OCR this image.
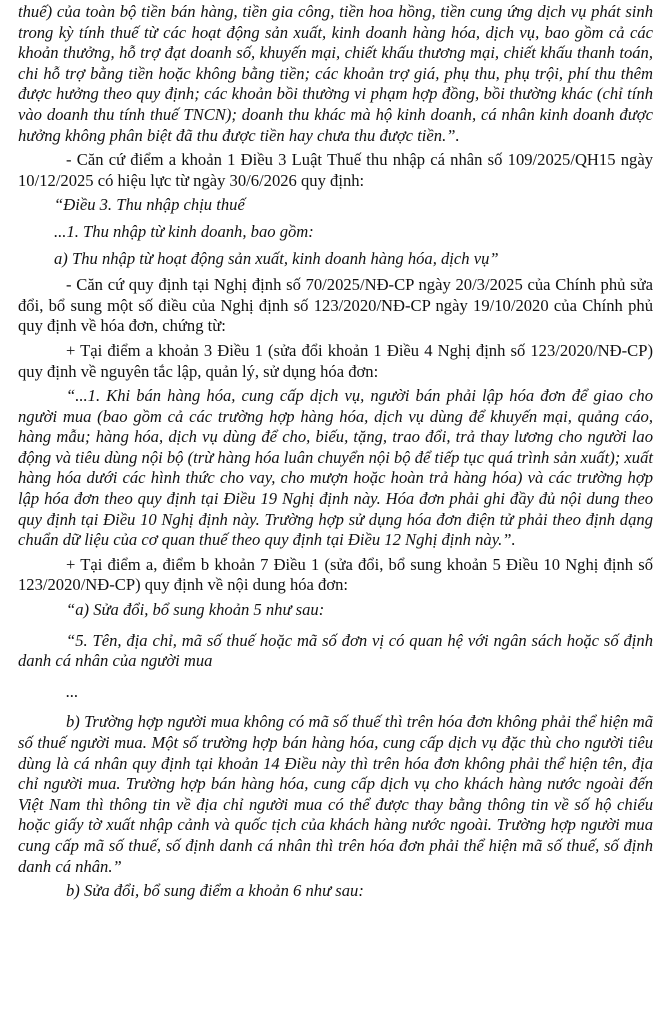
thuế) của toàn bộ tiền bán hàng, tiền gia công, tiền hoa hồng, tiền cung ứng dịch vụ phát sinh trong kỳ tính thuế từ các hoạt động sản xuất, kinh doanh hàng hóa, dịch vụ, bao gồm cả các khoản thưởng, hỗ trợ đạt doanh số, khuyến mại, chiết khấu thương mại, chiết khấu thanh toán, chi hỗ trợ bằng tiền hoặc không bằng tiền; các khoản trợ giá, phụ thu, phụ trội, phí thu thêm được hưởng theo quy định; các khoản bồi thường vi phạm hợp đồng, bồi thường khác (chỉ tính vào doanh thu tính thuế TNCN); doanh thu khác mà hộ kinh doanh, cá nhân kinh doanh được hưởng không phân biệt đã thu được tiền hay chưa thu được tiền.”.

- Căn cứ điểm a khoản 1 Điều 3 Luật Thuế thu nhập cá nhân số 109/2025/QH15 ngày 10/12/2025 có hiệu lực từ ngày 30/6/2026 quy định:

“Điều 3. Thu nhập chịu thuế

...1. Thu nhập từ kinh doanh, bao gồm:

a) Thu nhập từ hoạt động sản xuất, kinh doanh hàng hóa, dịch vụ”

- Căn cứ quy định tại Nghị định số 70/2025/NĐ-CP ngày 20/3/2025 của Chính phủ sửa đổi, bổ sung một số điều của Nghị định số 123/2020/NĐ-CP ngày 19/10/2020 của Chính phủ quy định về hóa đơn, chứng từ:

+ Tại điểm a khoản 3 Điều 1 (sửa đổi khoản 1 Điều 4 Nghị định số 123/2020/NĐ-CP) quy định về nguyên tắc lập, quản lý, sử dụng hóa đơn:

“...1. Khi bán hàng hóa, cung cấp dịch vụ, người bán phải lập hóa đơn để giao cho người mua (bao gồm cả các trường hợp hàng hóa, dịch vụ dùng để khuyến mại, quảng cáo, hàng mẫu; hàng hóa, dịch vụ dùng để cho, biếu, tặng, trao đổi, trả thay lương cho người lao động và tiêu dùng nội bộ (trừ hàng hóa luân chuyển nội bộ để tiếp tục quá trình sản xuất); xuất hàng hóa dưới các hình thức cho vay, cho mượn hoặc hoàn trả hàng hóa) và các trường hợp lập hóa đơn theo quy định tại Điều 19 Nghị định này. Hóa đơn phải ghi đầy đủ nội dung theo quy định tại Điều 10 Nghị định này. Trường hợp sử dụng hóa đơn điện tử phải theo định dạng chuẩn dữ liệu của cơ quan thuế theo quy định tại Điều 12 Nghị định này.”.

+ Tại điểm a, điểm b khoản 7 Điều 1 (sửa đổi, bổ sung khoản 5 Điều 10 Nghị định số 123/2020/NĐ-CP) quy định về nội dung hóa đơn:

“a) Sửa đổi, bổ sung khoản 5 như sau:

“5. Tên, địa chỉ, mã số thuế hoặc mã số đơn vị có quan hệ với ngân sách hoặc số định danh cá nhân của người mua

...

b) Trường hợp người mua không có mã số thuế thì trên hóa đơn không phải thể hiện mã số thuế người mua. Một số trường hợp bán hàng hóa, cung cấp dịch vụ đặc thù cho người tiêu dùng là cá nhân quy định tại khoản 14 Điều này thì trên hóa đơn không phải thể hiện tên, địa chỉ người mua. Trường hợp bán hàng hóa, cung cấp dịch vụ cho khách hàng nước ngoài đến Việt Nam thì thông tin về địa chỉ người mua có thể được thay bằng thông tin về số hộ chiếu hoặc giấy tờ xuất nhập cảnh và quốc tịch của khách hàng nước ngoài. Trường hợp người mua cung cấp mã số thuế, số định danh cá nhân thì trên hóa đơn phải thể hiện mã số thuế, số định danh cá nhân.”

b) Sửa đổi, bổ sung điểm a khoản 6 như sau:
